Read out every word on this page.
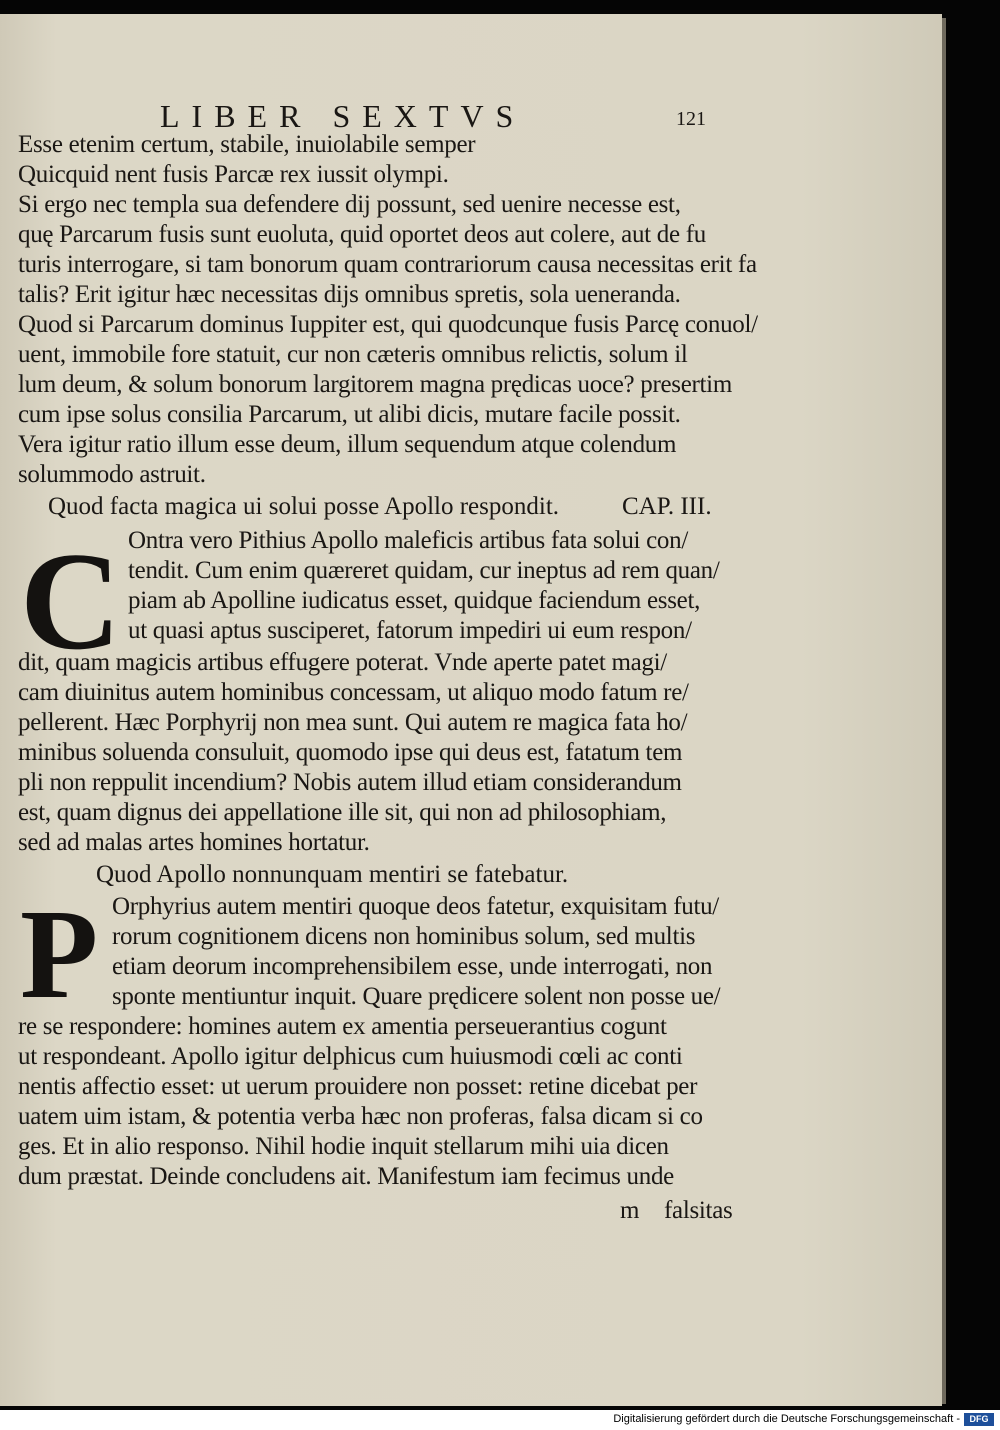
LIBER SEXTVS	121
Esse etenim certum, stabile, inuiolabile semper
Quicquid nent fusis Parcæ rex iussit olympi.
Si ergo nec templa sua defendere dij possunt, sed uenire necesse est,
quę Parcarum fusis sunt euoluta, quid oportet deos aut colere, aut de fu
turis interrogare, si tam bonorum quam contrariorum causa necessitas erit fa
talis? Erit igitur hæc necessitas dijs omnibus spretis, sola ueneranda.
Quod si Parcarum dominus Iuppiter est, qui quodcunque fusis Parcę conuol/
uent, immobile fore statuit, cur non cæteris omnibus relictis, solum il
lum deum, & solum bonorum largitorem magna prędicas uoce? presertim
cum ipse solus consilia Parcarum, ut alibi dicis, mutare facile possit.
Vera igitur ratio illum esse deum, illum sequendum atque colendum
solummodo astruit.
Quod facta magica ui solui posse Apollo respondit.	CAP. III.
C Ontra vero Pithius Apollo maleficis artibus fata solui con/
tendit. Cum enim quæreret quidam, cur ineptus ad rem quan/
piam ab Apolline iudicatus esset, quidque faciendum esset,
ut quasi aptus susciperet, fatorum impediri ui eum respon/
dit, quam magicis artibus effugere poterat. Vnde aperte patet magi/
cam diuinitus autem hominibus concessam, ut aliquo modo fatum re/
pellerent. Hæc Porphyrij non mea sunt. Qui autem re magica fata ho/
minibus soluenda consuluit, quomodo ipse qui deus est, fatatum tem
pli non reppulit incendium? Nobis autem illud etiam considerandum
est, quam dignus dei appellatione ille sit, qui non ad philosophiam,
sed ad malas artes homines hortatur.
Quod Apollo nonnunquam mentiri se fatebatur.
P Orphyrius autem mentiri quoque deos fatetur, exquisitam futu/
rorum cognitionem dicens non hominibus solum, sed multis
etiam deorum incomprehensibilem esse, unde interrogati, non
sponte mentiuntur inquit. Quare prędicere solent non posse ue/
re se respondere: homines autem ex amentia perseuerantius cogunt
ut respondeant. Apollo igitur delphicus cum huiusmodi cœli ac conti
nentis affectio esset: ut uerum prouidere non posset: retine dicebat per
uatem uim istam, & potentia verba hæc non proferas, falsa dicam si co
ges. Et in alio responso. Nihil hodie inquit stellarum mihi uia dicen
dum præstat. Deinde concludens ait. Manifestum iam fecimus unde
m falsitas
Digitalisierung gefördert durch die Deutsche Forschungsgemeinschaft -	DFG
